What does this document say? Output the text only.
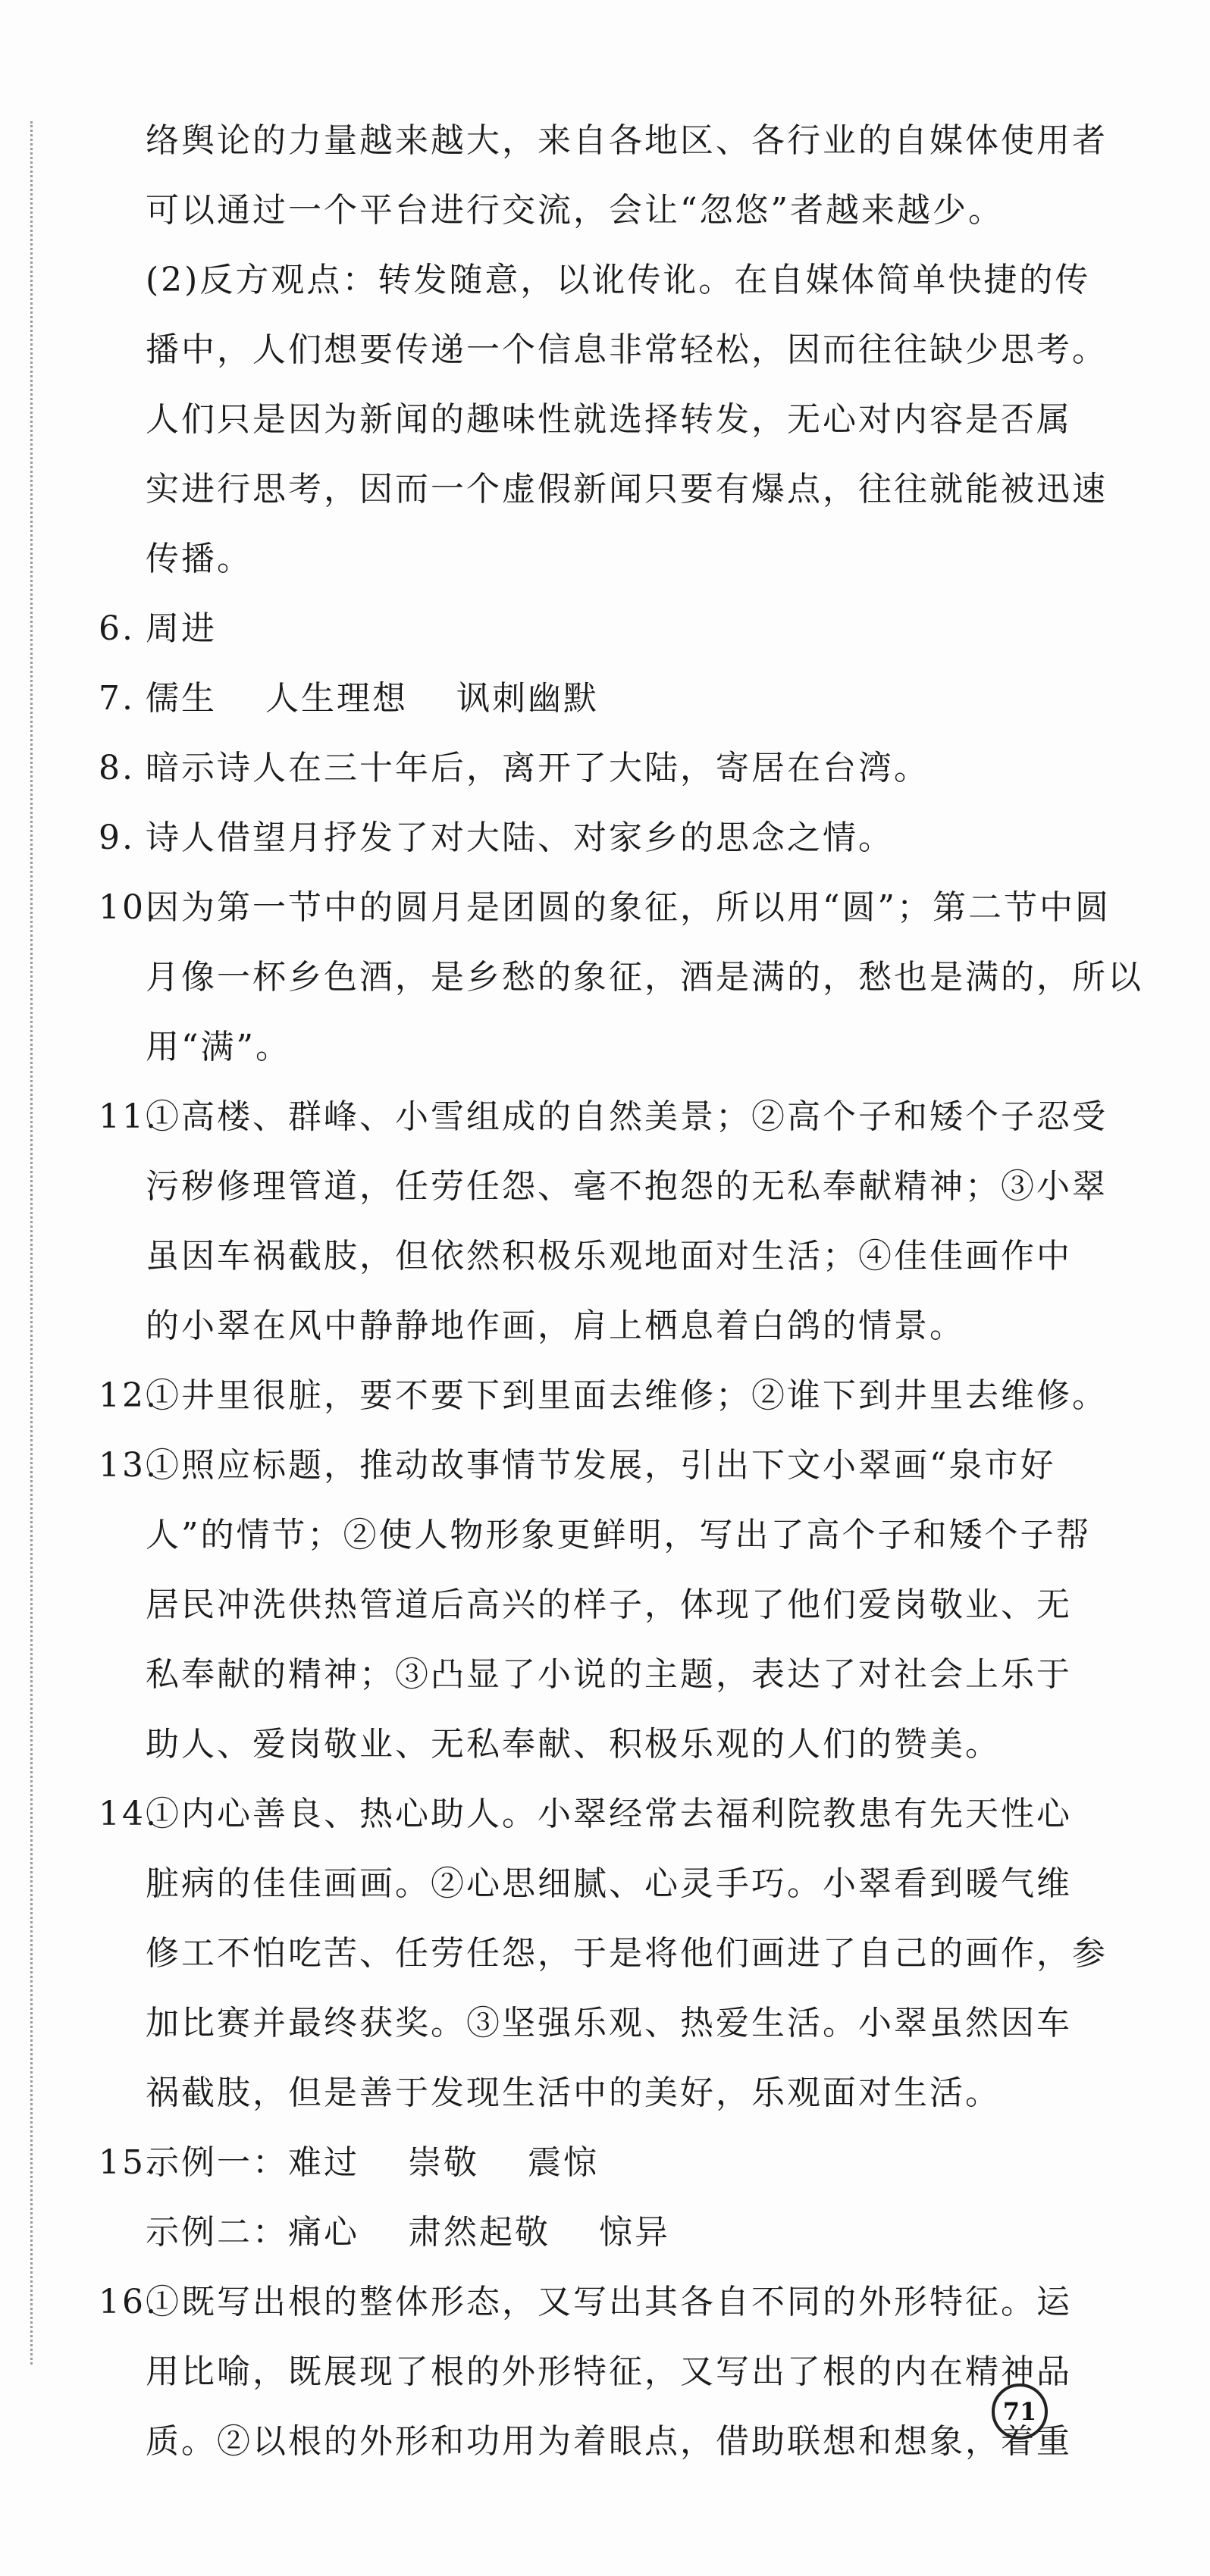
络舆论的力量越来越大，来自各地区、各行业的自媒体使用者
可以通过一个平台进行交流，会让“忽悠”者越来越少。
(2)反方观点：转发随意，以讹传讹。在自媒体简单快捷的传
播中，人们想要传递一个信息非常轻松，因而往往缺少思考。
人们只是因为新闻的趣味性就选择转发，无心对内容是否属
实进行思考，因而一个虚假新闻只要有爆点，往往就能被迅速
传播。
6. 周进
7. 儒生　 人生理想　 讽刺幽默
8. 暗示诗人在三十年后，离开了大陆，寄居在台湾。
9. 诗人借望月抒发了对大陆、对家乡的思念之情。
10.
因为第一节中的圆月是团圆的象征，所以用“圆”；第二节中圆
月像一杯乡色酒，是乡愁的象征，酒是满的，愁也是满的，所以
用“满”。
11.
①高楼、群峰、小雪组成的自然美景；②高个子和矮个子忍受
污秽修理管道，任劳任怨、毫不抱怨的无私奉献精神；③小翠
虽因车祸截肢，但依然积极乐观地面对生活；④佳佳画作中
的小翠在风中静静地作画，肩上栖息着白鸽的情景。
12.
①井里很脏，要不要下到里面去维修；②谁下到井里去维修。
13.
①照应标题，推动故事情节发展，引出下文小翠画“泉市好
人”的情节；②使人物形象更鲜明，写出了高个子和矮个子帮
居民冲洗供热管道后高兴的样子，体现了他们爱岗敬业、无
私奉献的精神；③凸显了小说的主题，表达了对社会上乐于
助人、爱岗敬业、无私奉献、积极乐观的人们的赞美。
14.
①内心善良、热心助人。小翠经常去福利院教患有先天性心
脏病的佳佳画画。②心思细腻、心灵手巧。小翠看到暖气维
修工不怕吃苦、任劳任怨，于是将他们画进了自己的画作，参
加比赛并最终获奖。③坚强乐观、热爱生活。小翠虽然因车
祸截肢，但是善于发现生活中的美好，乐观面对生活。
15.
示例一：难过　 崇敬　 震惊
示例二：痛心　 肃然起敬　 惊异
16.
①既写出根的整体形态，又写出其各自不同的外形特征。运
用比喻，既展现了根的外形特征，又写出了根的内在精神品
质。②以根的外形和功用为着眼点，借助联想和想象，着重
71
